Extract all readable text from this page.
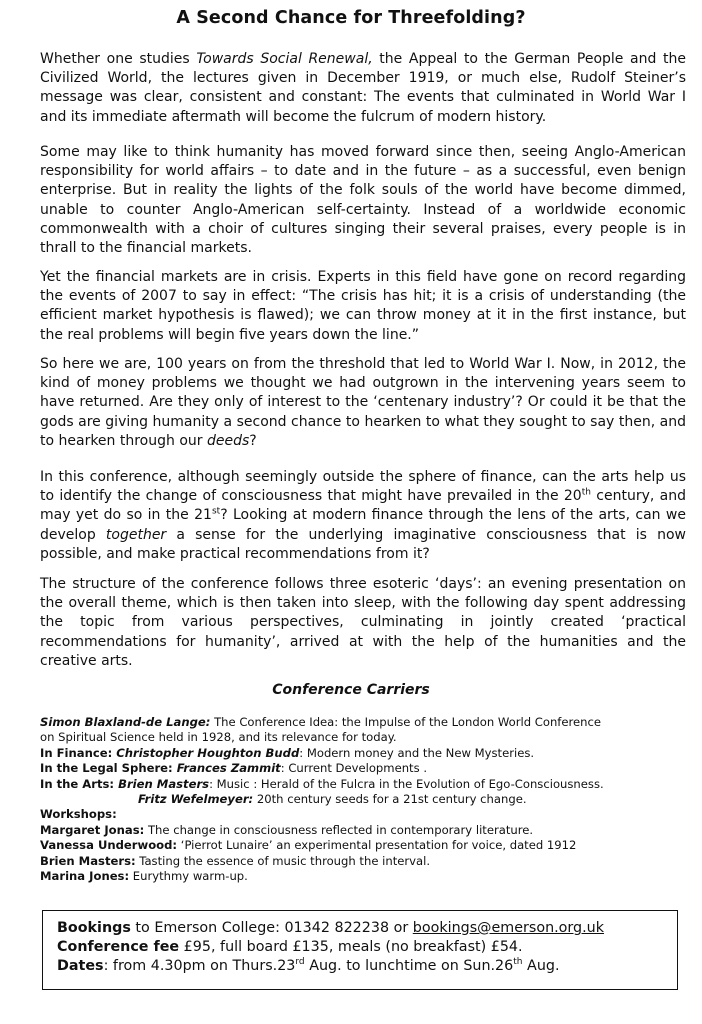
A Second Chance for Threefolding?

Whether one studies Towards Social Renewal, the Appeal to the German People and the Civilized World, the lectures given in December 1919, or much else, Rudolf Steiner’s message was clear, consistent and constant: The events that culminated in World War I and its immediate aftermath will become the fulcrum of modern history.

Some may like to think humanity has moved forward since then, seeing Anglo-American responsibility for world affairs – to date and in the future – as a successful, even benign enterprise. But in reality the lights of the folk souls of the world have become dimmed, unable to counter Anglo-American self-certainty. Instead of a worldwide economic commonwealth with a choir of cultures singing their several praises, every people is in thrall to the financial markets.

Yet the financial markets are in crisis. Experts in this field have gone on record regarding the events of 2007 to say in effect: “The crisis has hit; it is a crisis of understanding (the efficient market hypothesis is flawed); we can throw money at it in the first instance, but the real problems will begin five years down the line.”

So here we are, 100 years on from the threshold that led to World War I. Now, in 2012, the kind of money problems we thought we had outgrown in the intervening years seem to have returned. Are they only of interest to the ‘centenary industry’? Or could it be that the gods are giving humanity a second chance to hearken to what they sought to say then, and to hearken through our deeds?

In this conference, although seemingly outside the sphere of finance, can the arts help us to identify the change of consciousness that might have prevailed in the 20th century, and may yet do so in the 21st? Looking at modern finance through the lens of the arts, can we develop together a sense for the underlying imaginative consciousness that is now possible, and make practical recommendations from it?

The structure of the conference follows three esoteric ‘days’: an evening presentation on the overall theme, which is then taken into sleep, with the following day spent addressing the topic from various perspectives, culminating in jointly created ‘practical recommendations for humanity’, arrived at with the help of the humanities and the creative arts.

Conference Carriers
Simon Blaxland-de Lange: The Conference Idea: the Impulse of the London World Conference
on Spiritual Science held in 1928, and its relevance for today.
In Finance: Christopher Houghton Budd: Modern money and the New Mysteries.
In the Legal Sphere: Frances Zammit: Current Developments .
In the Arts: Brien Masters: Music : Herald of the Fulcra in the Evolution of Ego-Consciousness.
Fritz Wefelmeyer: 20th century seeds for a 21st century change.
Workshops:
Margaret Jonas: The change in consciousness reflected in contemporary literature.
Vanessa Underwood: ‘Pierrot Lunaire’ an experimental presentation for voice, dated 1912
Brien Masters: Tasting the essence of music through the interval.
Marina Jones: Eurythmy warm-up.
Bookings to Emerson College: 01342 822238 or bookings@emerson.org.uk
Conference fee £95, full board £135, meals (no breakfast) £54.
Dates: from 4.30pm on Thurs.23rd Aug. to lunchtime on Sun.26th Aug.
